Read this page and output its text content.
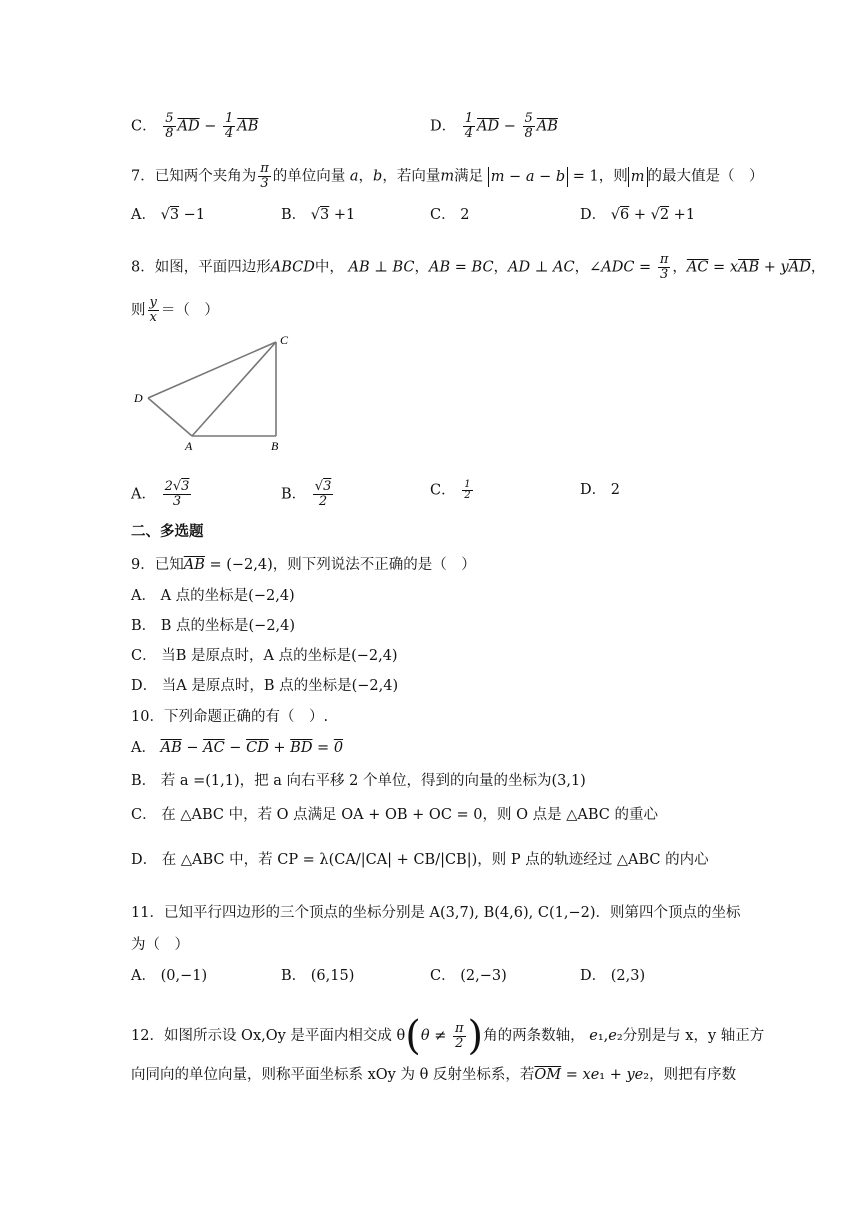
C． $\frac{5}{8} \overline{AD} - \frac{1}{4} \overline{AB}$	D． $\frac{1}{4} \overline{AD} - \frac{5}{8} \overline{AB}$
7．已知两个夹角为 $\frac{\pi}{3}$ 的单位向量 a，b，若向量m满足 m − a − b = 1，则 m 的最大值是（　）
A． √3 −1	B． √3 +1	C． 2	D． √6 + √2 +1
8．如图，平面四边形ABCD中， AB ⊥ BC，AB = BC，AD ⊥ AC，∠ADC = $\frac{\pi}{3}$ ，$\overline{AC} = x\overline{AB} + y\overline{AD}$，
则 $\frac{y}{x}$ ＝（　）
C
D
A	B
A． $\frac{2√3}{3}$	B． $\frac{√3}{2}$	C． $\frac{1}{2}$	D． 2
二、多选题
9．已知$\overline{AB} = (-2,4)$，则下列说法不正确的是（　）
A． A 点的坐标是(−2,4)
B． B 点的坐标是(−2,4)
C． 当B 是原点时，A 点的坐标是(−2,4)
D． 当A 是原点时，B 点的坐标是(−2,4)
10．下列命题正确的有（　）.
A． $\overline{AB} - \overline{AC} - \overline{CD} + \overline{BD} = 0$
B． 若 a =(1,1)，把 a 向右平移 2 个单位，得到的向量的坐标为(3,1)
C． 在 △ABC 中，若 O 点满足 OA + OB + OC = 0，则 O 点是 △ABC 的重心
D． 在 △ABC 中，若 CP = λ(CA/|CA| + CB/|CB|)，则 P 点的轨迹经过 △ABC 的内心
11．已知平行四边形的三个顶点的坐标分别是 A(3,7), B(4,6), C(1,−2)．则第四个顶点的坐标
为（　）
A． (0,−1)	B． (6,15)	C． (2,−3)	D． (2,3)
12．如图所示设 Ox,Oy 是平面内相交成 $\theta(\theta \ne \frac{\pi}{2}$ )角的两条数轴， e₁,e₂分别是与 x，y 轴正方
向同向的单位向量，则称平面坐标系 xOy 为 θ 反射坐标系，若$\overline{OM} = xe_1 + ye_2$，则把有序数
